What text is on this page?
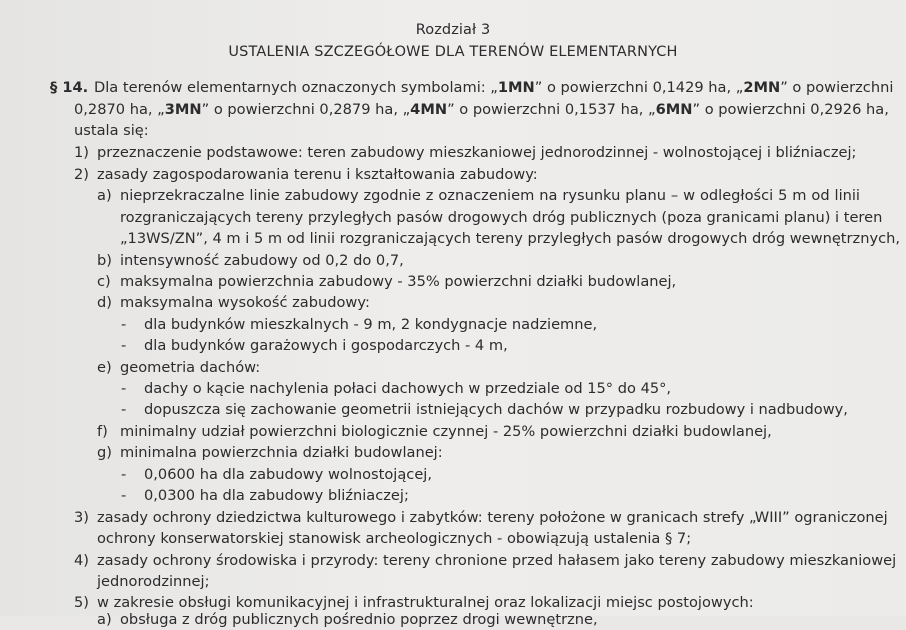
Rozdział 3
USTALENIA SZCZEGÓŁOWE DLA TERENÓW ELEMENTARNYCH
§ 14. Dla terenów elementarnych oznaczonych symbolami: „1MN” o powierzchni 0,1429 ha, „2MN” o powierzchni
0,2870 ha, „3MN” o powierzchni 0,2879 ha, „4MN” o powierzchni 0,1537 ha, „6MN” o powierzchni 0,2926 ha,
ustala się:
1) przeznaczenie podstawowe: teren zabudowy mieszkaniowej jednorodzinnej - wolnostojącej i bliźniaczej;
2) zasady zagospodarowania terenu i kształtowania zabudowy:
a) nieprzekraczalne linie zabudowy zgodnie z oznaczeniem na rysunku planu – w odległości 5 m od linii
rozgraniczających tereny przyległych pasów drogowych dróg publicznych (poza granicami planu) i teren
„13WS/ZN”, 4 m i 5 m od linii rozgraniczających tereny przyległych pasów drogowych dróg wewnętrznych,
b) intensywność zabudowy od 0,2 do 0,7,
c) maksymalna powierzchnia zabudowy - 35% powierzchni działki budowlanej,
d) maksymalna wysokość zabudowy:
- dla budynków mieszkalnych - 9 m, 2 kondygnacje nadziemne,
- dla budynków garażowych i gospodarczych - 4 m,
e) geometria dachów:
- dachy o kącie nachylenia połaci dachowych w przedziale od 15° do 45°,
- dopuszcza się zachowanie geometrii istniejących dachów w przypadku rozbudowy i nadbudowy,
f) minimalny udział powierzchni biologicznie czynnej - 25% powierzchni działki budowlanej,
g) minimalna powierzchnia działki budowlanej:
- 0,0600 ha dla zabudowy wolnostojącej,
- 0,0300 ha dla zabudowy bliźniaczej;
3) zasady ochrony dziedzictwa kulturowego i zabytków: tereny położone w granicach strefy „WIII” ograniczonej
ochrony konserwatorskiej stanowisk archeologicznych - obowiązują ustalenia § 7;
4) zasady ochrony środowiska i przyrody: tereny chronione przed hałasem jako tereny zabudowy mieszkaniowej
jednorodzinnej;
5) w zakresie obsługi komunikacyjnej i infrastrukturalnej oraz lokalizacji miejsc postojowych:
a) obsługa z dróg publicznych pośrednio poprzez drogi wewnętrzne,
